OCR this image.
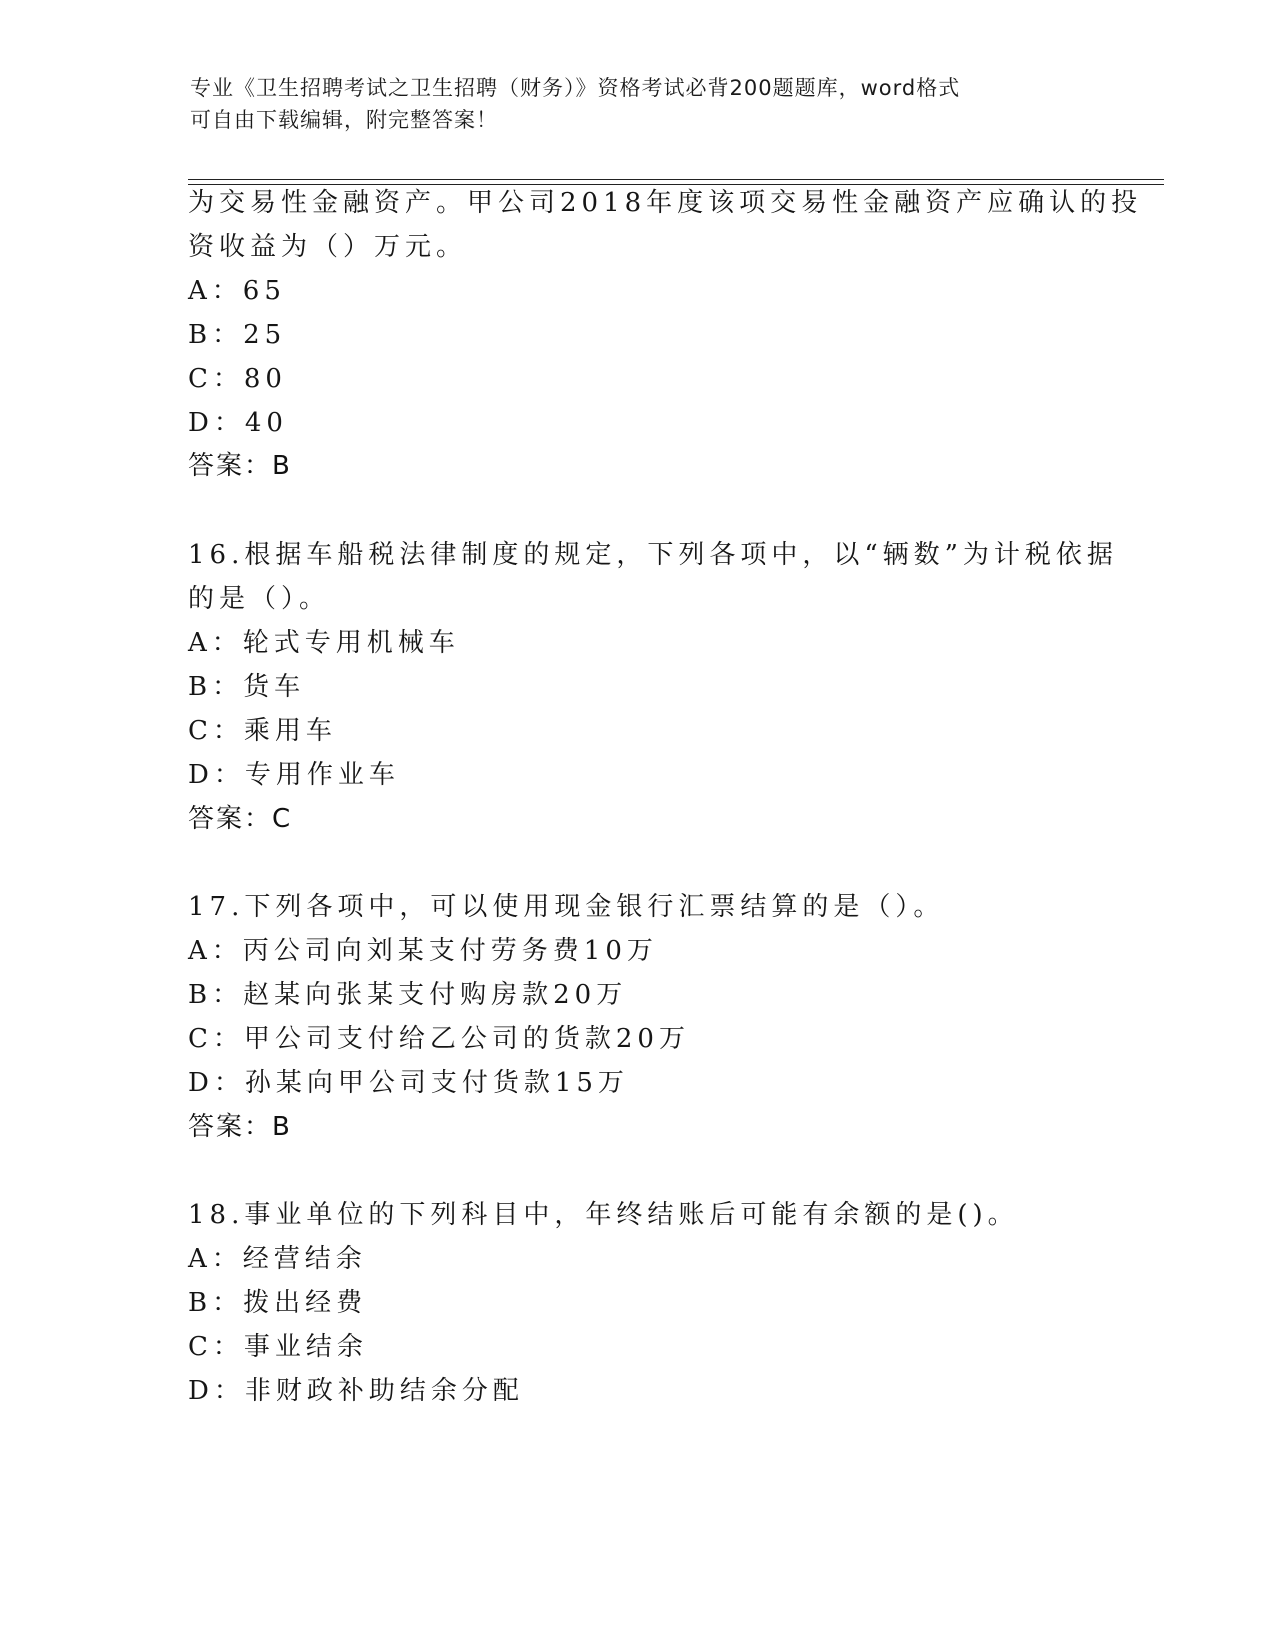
专业《卫生招聘考试之卫生招聘（财务）》资格考试必背200题题库，word格式
可自由下载编辑，附完整答案！
为交易性金融资产。甲公司2018年度该项交易性金融资产应确认的投
资收益为（）万元。
A：65
B：25
C：80
D：40
答案：B
16.根据车船税法律制度的规定，下列各项中，以“辆数”为计税依据
的是（）。
A：轮式专用机械车
B：货车
C：乘用车
D：专用作业车
答案：C
17.下列各项中，可以使用现金银行汇票结算的是（）。
A：丙公司向刘某支付劳务费10万
B：赵某向张某支付购房款20万
C：甲公司支付给乙公司的货款20万
D：孙某向甲公司支付货款15万
答案：B
18.事业单位的下列科目中，年终结账后可能有余额的是()。
A：经营结余
B：拨出经费
C：事业结余
D：非财政补助结余分配
